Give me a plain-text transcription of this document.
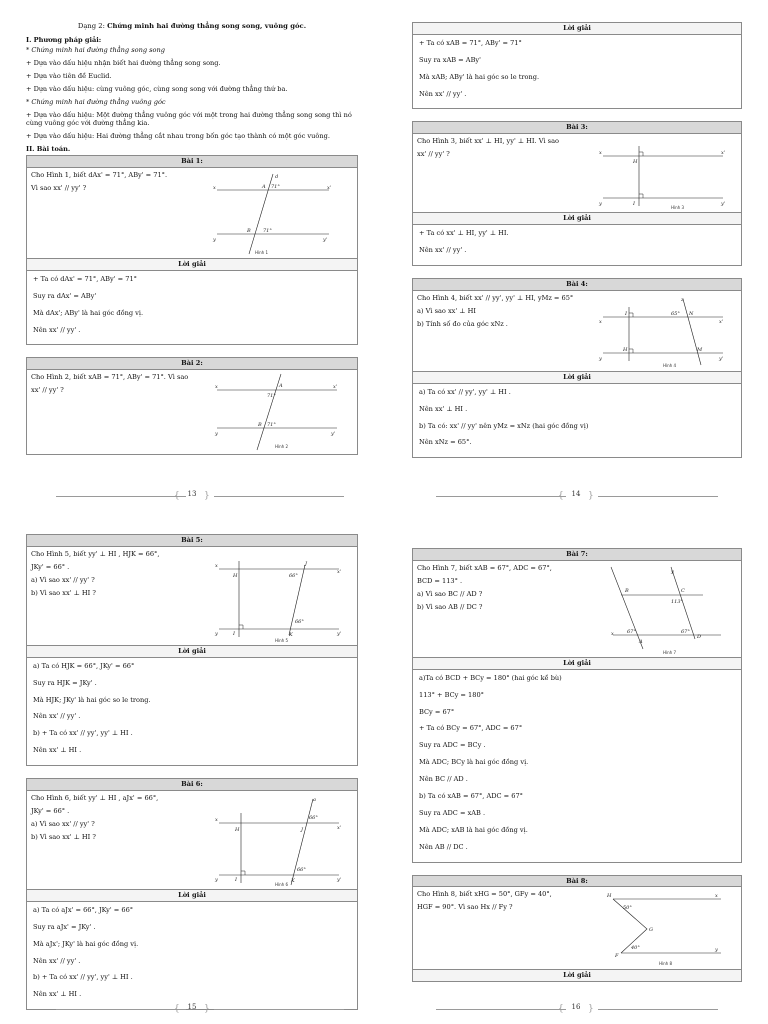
Dạng 2: Chứng minh hai đường thẳng song song, vuông góc.
I. Phương pháp giải:
* Chứng minh hai đường thẳng song song
+ Dựa vào dấu hiệu nhận biết hai đường thẳng song song.
+ Dựa vào tiên đề Euclid.
+ Dựa vào dấu hiệu: cùng vuông góc, cùng song song với đường thẳng thứ ba.
* Chứng minh hai đường thẳng vuông góc
+ Dựa vào dấu hiệu: Một đường thẳng vuông góc với một trong hai đường thẳng song song thì nó cùng vuông góc với đường thẳng kia.
+ Dựa vào dấu hiệu: Hai đường thẳng cắt nhau trong bốn góc tạo thành có một góc vuông.
II. Bài toán.
Bài 1:

Cho Hình 1, biết dAx' = 71°, ABy' = 71°.

Vì sao xx' // yy' ?	x	x'
y	y'
d
A
B
71°
71°
Hình 1
Lời giải

+ Ta có dAx' = 71°, ABy' = 71°

Suy ra dAx' = ABy'

Mà dAx'; ABy' là hai góc đồng vị.

Nên xx' // yy' .

Bài 2:

Cho Hình 2, biết xAB = 71°, ABy' = 71°. Vì sao

xx' // yy' ?	x	x'
y	y'
A
B
71°
71°
Hình 2
{	13 }
Lời giải

+ Ta có xAB = 71°, ABy' = 71°

Suy ra xAB = ABy'

Mà xAB; ABy' là hai góc so le trong.

Nên xx' // yy' .

Bài 3:

Cho Hình 3, biết xx' ⊥ HI, yy' ⊥ HI. Vì sao

xx' // yy' ?	x	x'
y	y'
H
I
Hình 3
Lời giải

+ Ta có xx' ⊥ HI, yy' ⊥ HI.

Nên xx' // yy' .

Bài 4:

Cho Hình 4, biết xx' // yy', yy' ⊥ HI, yMz = 65°

a) Vì sao xx' ⊥ HI

b) Tính số đo của góc xNz .	x	x'
y	y'
z
I
H
N
M
65°
Hình 4
Lời giải

a) Ta có xx' // yy', yy' ⊥ HI .

Nên xx' ⊥ HI .

b) Ta có: xx' // yy' nên yMz = xNz (hai góc đồng vị)

Nên xNz = 65°.

{	14 }
Bài 5:

Cho Hình 5, biết yy' ⊥ HI , HJK = 66°,

JKy' = 66° .

a) Vì sao xx' // yy' ?

b) Vì sao xx' ⊥ HI ?

x
x'
y	y'
H
J
I	K
66°
66°
Hình 5
Lời giải

a) Ta có HJK = 66°, JKy' = 66°

Suy ra HJK = JKy' .

Mà HJK; JKy' là hai góc so le trong.

Nên xx' // yy' .

b) + Ta có xx' // yy', yy' ⊥ HI .

Nên xx' ⊥ HI .

Bài 6:

Cho Hình 6, biết yy' ⊥ HI , aJx' = 66°,

JKy' = 66° .

a) Vì sao xx' // yy' ?

b) Vì sao xx' ⊥ HI ?

x
x'
y	y'
a
H	J
I	K
66°
66°
Hình 6
Lời giải

a) Ta có aJx' = 66°, JKy' = 66°

Suy ra aJx' = JKy' .

Mà aJx'; JKy' là hai góc đồng vị.

Nên xx' // yy' .

b) + Ta có xx' // yy', yy' ⊥ HI .

Nên xx' ⊥ HI .

{	15 }
Bài 7:

Cho Hình 7, biết xAB = 67°, ADC = 67°,

BCD = 113° .

a) Vì sao BC // AD ?

b) Vì sao AB // DC ?

y
x
B	C
A
D
113°
67°	67°
Hình 7
Lời giải

a)Ta có BCD + BCy = 180° (hai góc kề bù)

113° + BCy = 180°

BCy = 67°

+ Ta có BCy = 67°, ADC = 67°

Suy ra ADC = BCy .

Mà ADC; BCy là hai góc đồng vị.

Nên BC // AD .

b) Ta có xAB = 67°, ADC = 67°

Suy ra ADC = xAB .

Mà ADC; xAB là hai góc đồng vị.

Nên AB // DC .

Bài 8:

Cho Hình 8, biết xHG = 50°, GFy = 40°,

HGF = 90°. Vì sao Hx // Fy ?

H	x
G
F
y
50°
40°
Hình 8
Lời giải
{	16 }
